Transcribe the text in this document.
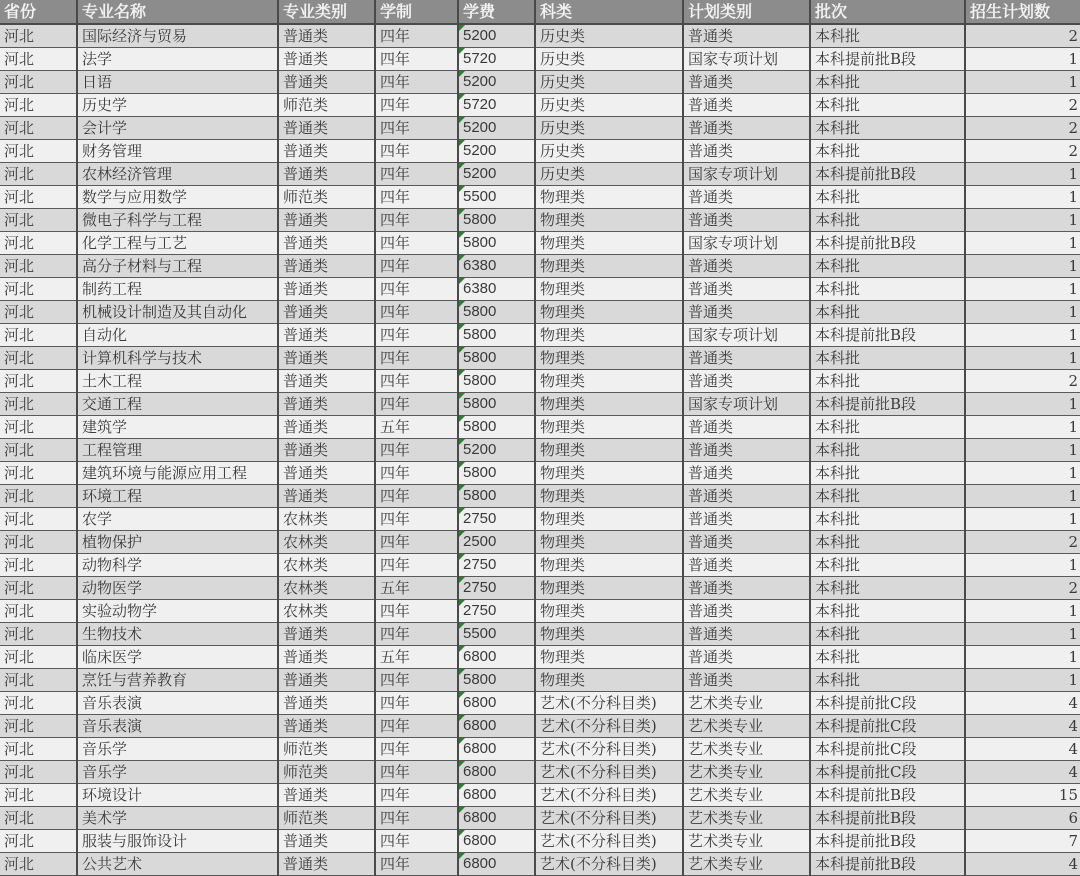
省份	专业名称	专业类别	学制	学费	科类	计划类别	批次	招生计划数
河北	国际经济与贸易	普通类	四年	5200	历史类	普通类	本科批	2
河北	法学	普通类	四年	5720	历史类	国家专项计划	本科提前批B段	1
河北	日语	普通类	四年	5200	历史类	普通类	本科批	1
河北	历史学	师范类	四年	5720	历史类	普通类	本科批	2
河北	会计学	普通类	四年	5200	历史类	普通类	本科批	2
河北	财务管理	普通类	四年	5200	历史类	普通类	本科批	2
河北	农林经济管理	普通类	四年	5200	历史类	国家专项计划	本科提前批B段	1
河北	数学与应用数学	师范类	四年	5500	物理类	普通类	本科批	1
河北	微电子科学与工程	普通类	四年	5800	物理类	普通类	本科批	1
河北	化学工程与工艺	普通类	四年	5800	物理类	国家专项计划	本科提前批B段	1
河北	高分子材料与工程	普通类	四年	6380	物理类	普通类	本科批	1
河北	制药工程	普通类	四年	6380	物理类	普通类	本科批	1
河北	机械设计制造及其自动化	普通类	四年	5800	物理类	普通类	本科批	1
河北	自动化	普通类	四年	5800	物理类	国家专项计划	本科提前批B段	1
河北	计算机科学与技术	普通类	四年	5800	物理类	普通类	本科批	1
河北	土木工程	普通类	四年	5800	物理类	普通类	本科批	2
河北	交通工程	普通类	四年	5800	物理类	国家专项计划	本科提前批B段	1
河北	建筑学	普通类	五年	5800	物理类	普通类	本科批	1
河北	工程管理	普通类	四年	5200	物理类	普通类	本科批	1
河北	建筑环境与能源应用工程	普通类	四年	5800	物理类	普通类	本科批	1
河北	环境工程	普通类	四年	5800	物理类	普通类	本科批	1
河北	农学	农林类	四年	2750	物理类	普通类	本科批	1
河北	植物保护	农林类	四年	2500	物理类	普通类	本科批	2
河北	动物科学	农林类	四年	2750	物理类	普通类	本科批	1
河北	动物医学	农林类	五年	2750	物理类	普通类	本科批	2
河北	实验动物学	农林类	四年	2750	物理类	普通类	本科批	1
河北	生物技术	普通类	四年	5500	物理类	普通类	本科批	1
河北	临床医学	普通类	五年	6800	物理类	普通类	本科批	1
河北	烹饪与营养教育	普通类	四年	5800	物理类	普通类	本科批	1
河北	音乐表演	普通类	四年	6800	艺术(不分科目类)	艺术类专业	本科提前批C段	4
河北	音乐表演	普通类	四年	6800	艺术(不分科目类)	艺术类专业	本科提前批C段	4
河北	音乐学	师范类	四年	6800	艺术(不分科目类)	艺术类专业	本科提前批C段	4
河北	音乐学	师范类	四年	6800	艺术(不分科目类)	艺术类专业	本科提前批C段	4
河北	环境设计	普通类	四年	6800	艺术(不分科目类)	艺术类专业	本科提前批B段	15
河北	美术学	师范类	四年	6800	艺术(不分科目类)	艺术类专业	本科提前批B段	6
河北	服装与服饰设计	普通类	四年	6800	艺术(不分科目类)	艺术类专业	本科提前批B段	7
河北	公共艺术	普通类	四年	6800	艺术(不分科目类)	艺术类专业	本科提前批B段	4
